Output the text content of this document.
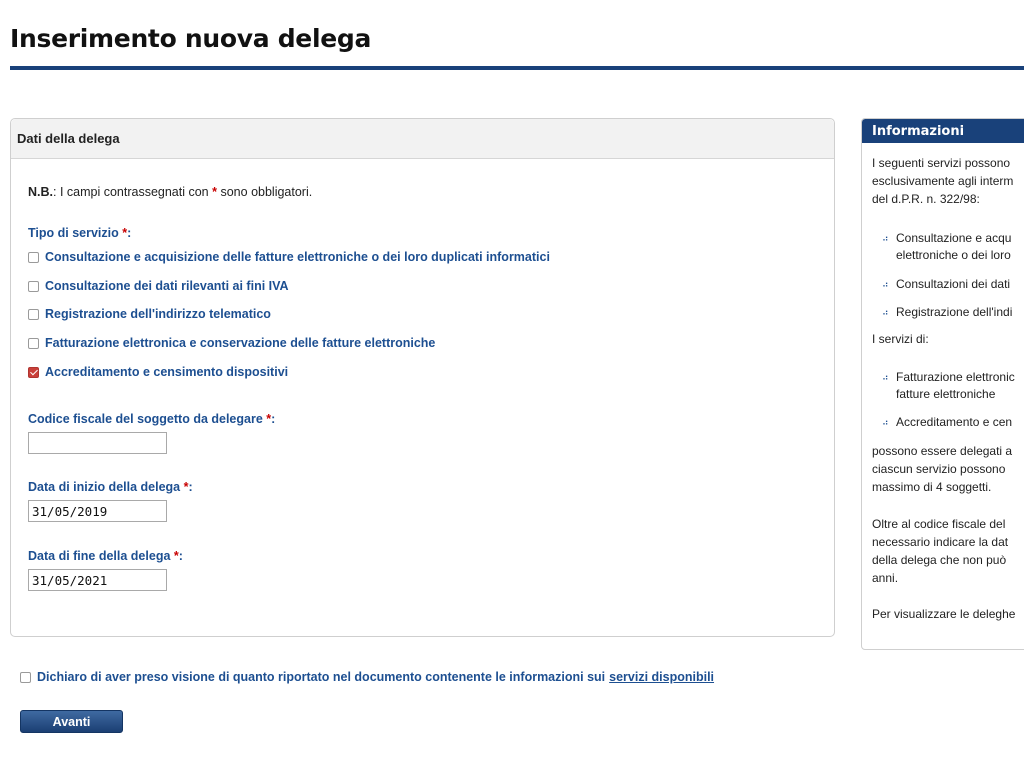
Inserimento nuova delega
Dati della delega
N.B.: I campi contrassegnati con * sono obbligatori.
Tipo di servizio *:
Consultazione e acquisizione delle fatture elettroniche o dei loro duplicati informatici
Consultazione dei dati rilevanti ai fini IVA
Registrazione dell'indirizzo telematico
Fatturazione elettronica e conservazione delle fatture elettroniche
Accreditamento e censimento dispositivi
Codice fiscale del soggetto da delegare *:
Data di inizio della delega *:
31/05/2019
Data di fine della delega *:
31/05/2021
Informazioni

I seguenti servizi possono

esclusivamente agli interm

del d.P.R. n. 322/98:

⠴ Consultazione e acqu
elettroniche o dei loro
⠴ Consultazioni dei dati
⠴ Registrazione dell'indi

I servizi di:

⠴ Fatturazione elettronic
fatture elettroniche
⠴ Accreditamento e cen

possono essere delegati a

ciascun servizio possono

massimo di 4 soggetti.

Oltre al codice fiscale del

necessario indicare la dat

della delega che non può

anni.

Per visualizzare le deleghe

Dichiaro di aver preso visione di quanto riportato nel documento contenente le informazioni sui servizi disponibili
Avanti
